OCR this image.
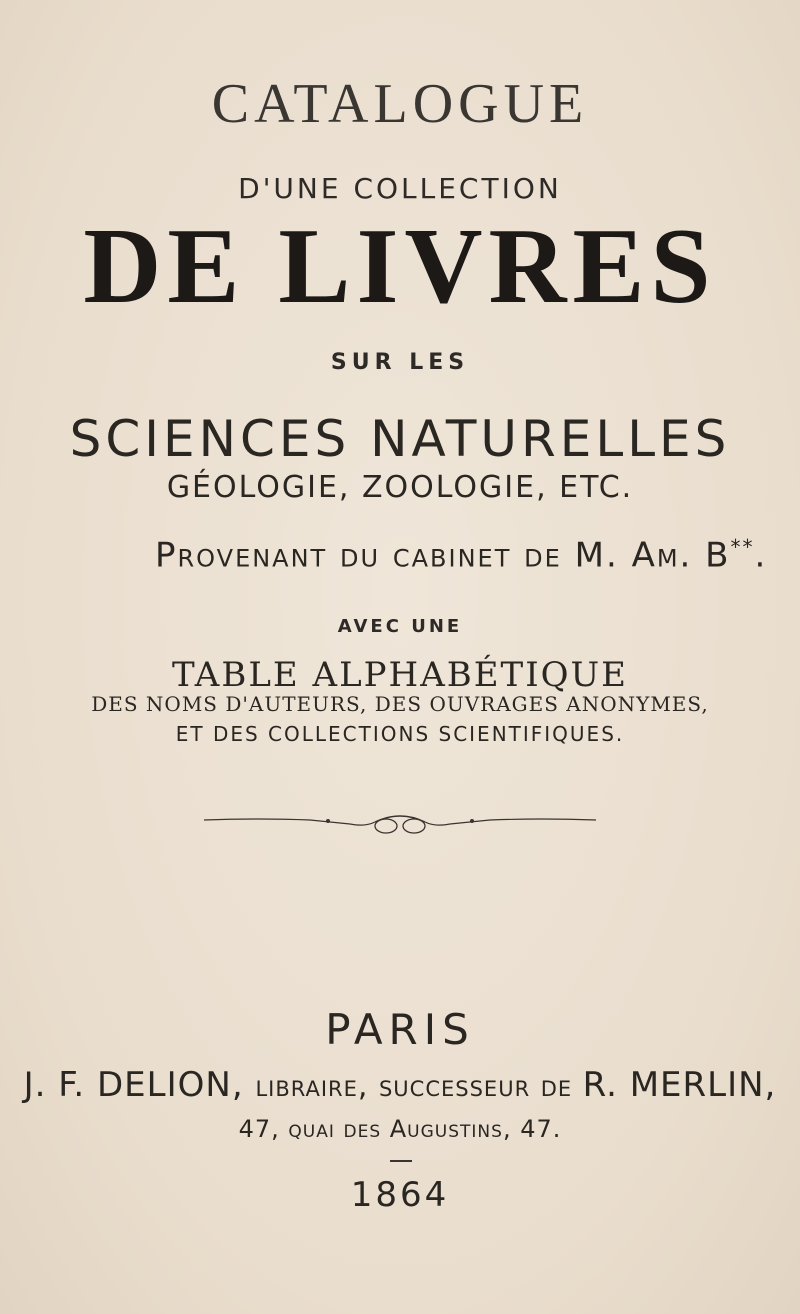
CATALOGUE
D'UNE COLLECTION
DE LIVRES
SUR LES
SCIENCES NATURELLES
GÉOLOGIE, ZOOLOGIE, ETC.
Provenant du cabinet de M. Am. B**.
AVEC UNE
TABLE ALPHABÉTIQUE
DES NOMS D'AUTEURS, DES OUVRAGES ANONYMES,
ET DES COLLECTIONS SCIENTIFIQUES.
PARIS
J. F. DELION, libraire, successeur de R. MERLIN,
47, quai des Augustins, 47.
1864
